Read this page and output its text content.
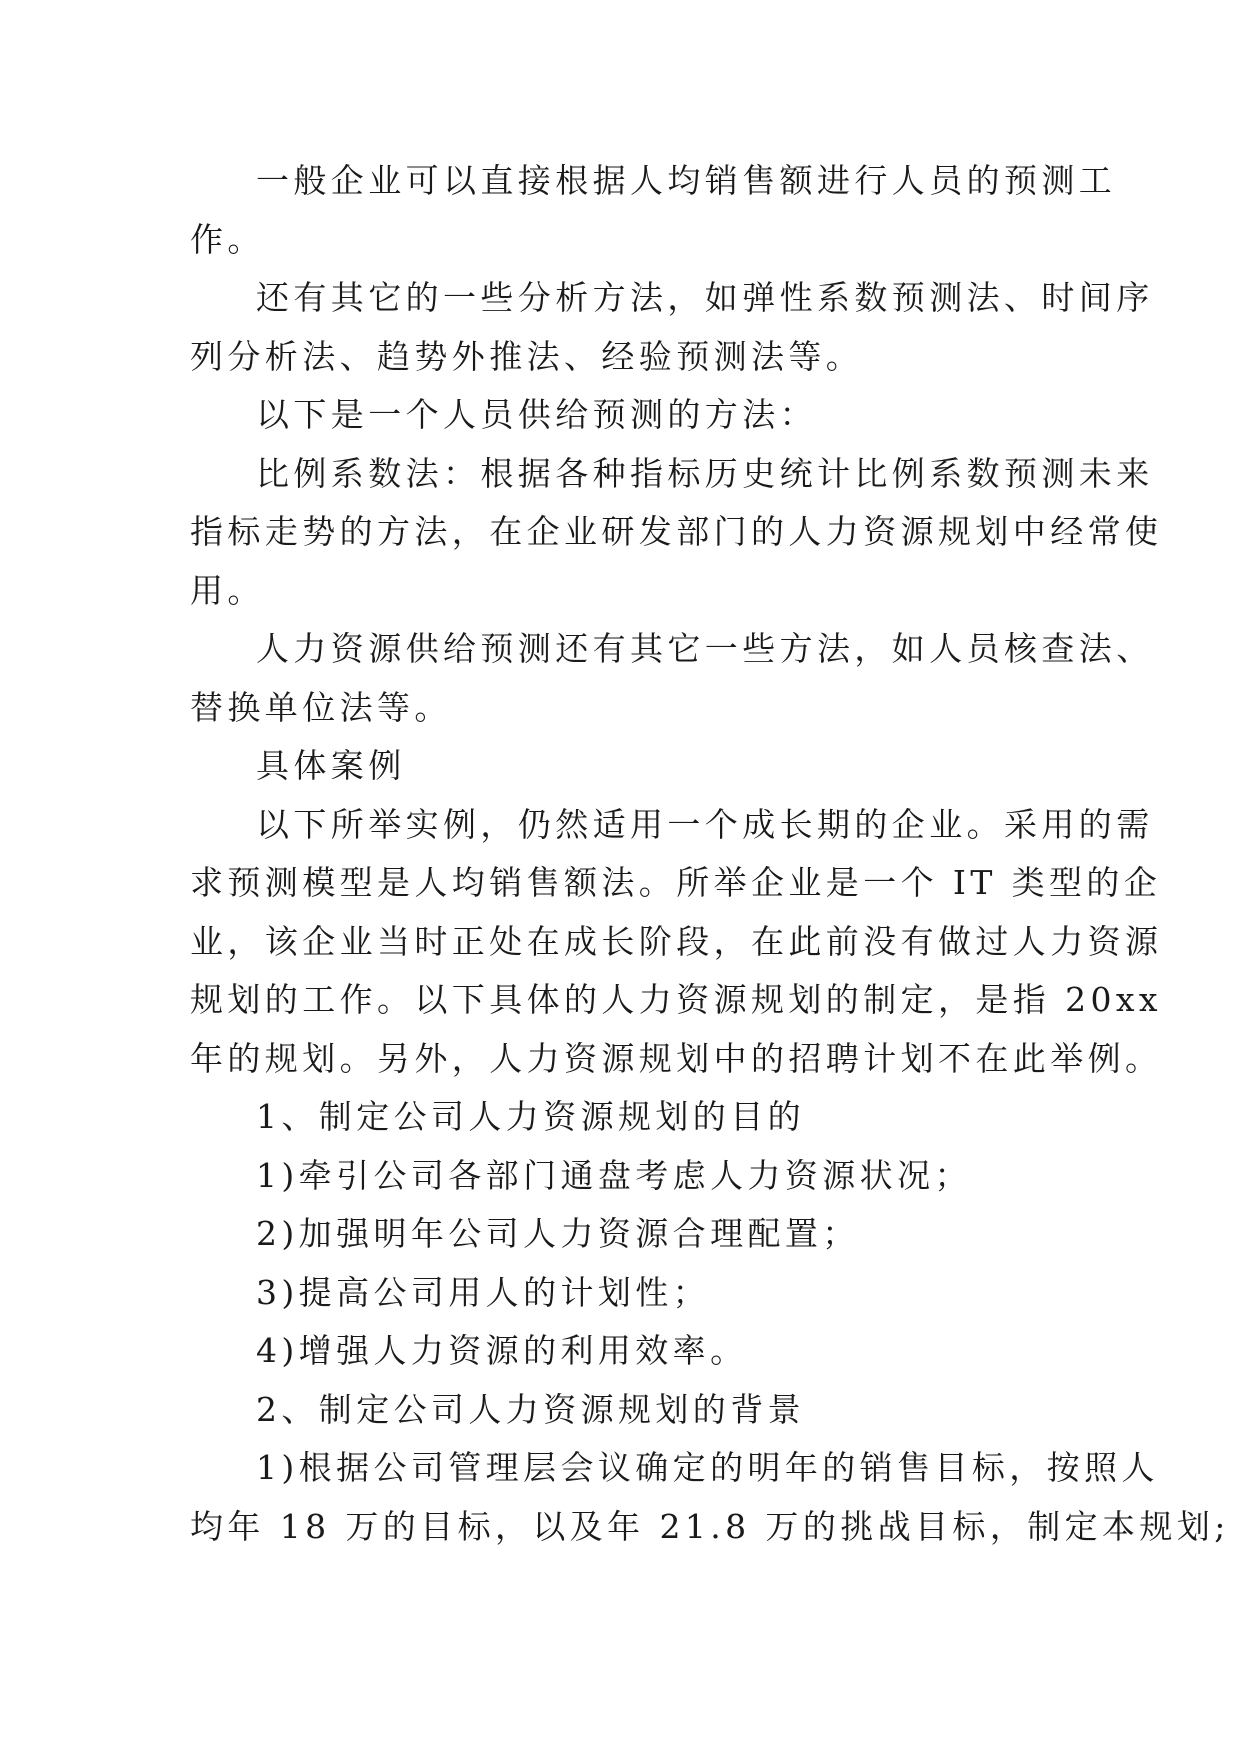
一般企业可以直接根据人均销售额进行人员的预测工

作。

还有其它的一些分析方法，如弹性系数预测法、时间序

列分析法、趋势外推法、经验预测法等。

以下是一个人员供给预测的方法：

比例系数法：根据各种指标历史统计比例系数预测未来

指标走势的方法，在企业研发部门的人力资源规划中经常使

用。

人力资源供给预测还有其它一些方法，如人员核查法、

替换单位法等。

具体案例

以下所举实例，仍然适用一个成长期的企业。采用的需

求预测模型是人均销售额法。所举企业是一个 IT 类型的企

业，该企业当时正处在成长阶段，在此前没有做过人力资源

规划的工作。以下具体的人力资源规划的制定，是指 20xx

年的规划。另外，人力资源规划中的招聘计划不在此举例。

1、制定公司人力资源规划的目的

1)牵引公司各部门通盘考虑人力资源状况；

2)加强明年公司人力资源合理配置；

3)提高公司用人的计划性；

4)增强人力资源的利用效率。

2、制定公司人力资源规划的背景

1)根据公司管理层会议确定的明年的销售目标，按照人

均年 18 万的目标，以及年 21.8 万的挑战目标，制定本规划;
